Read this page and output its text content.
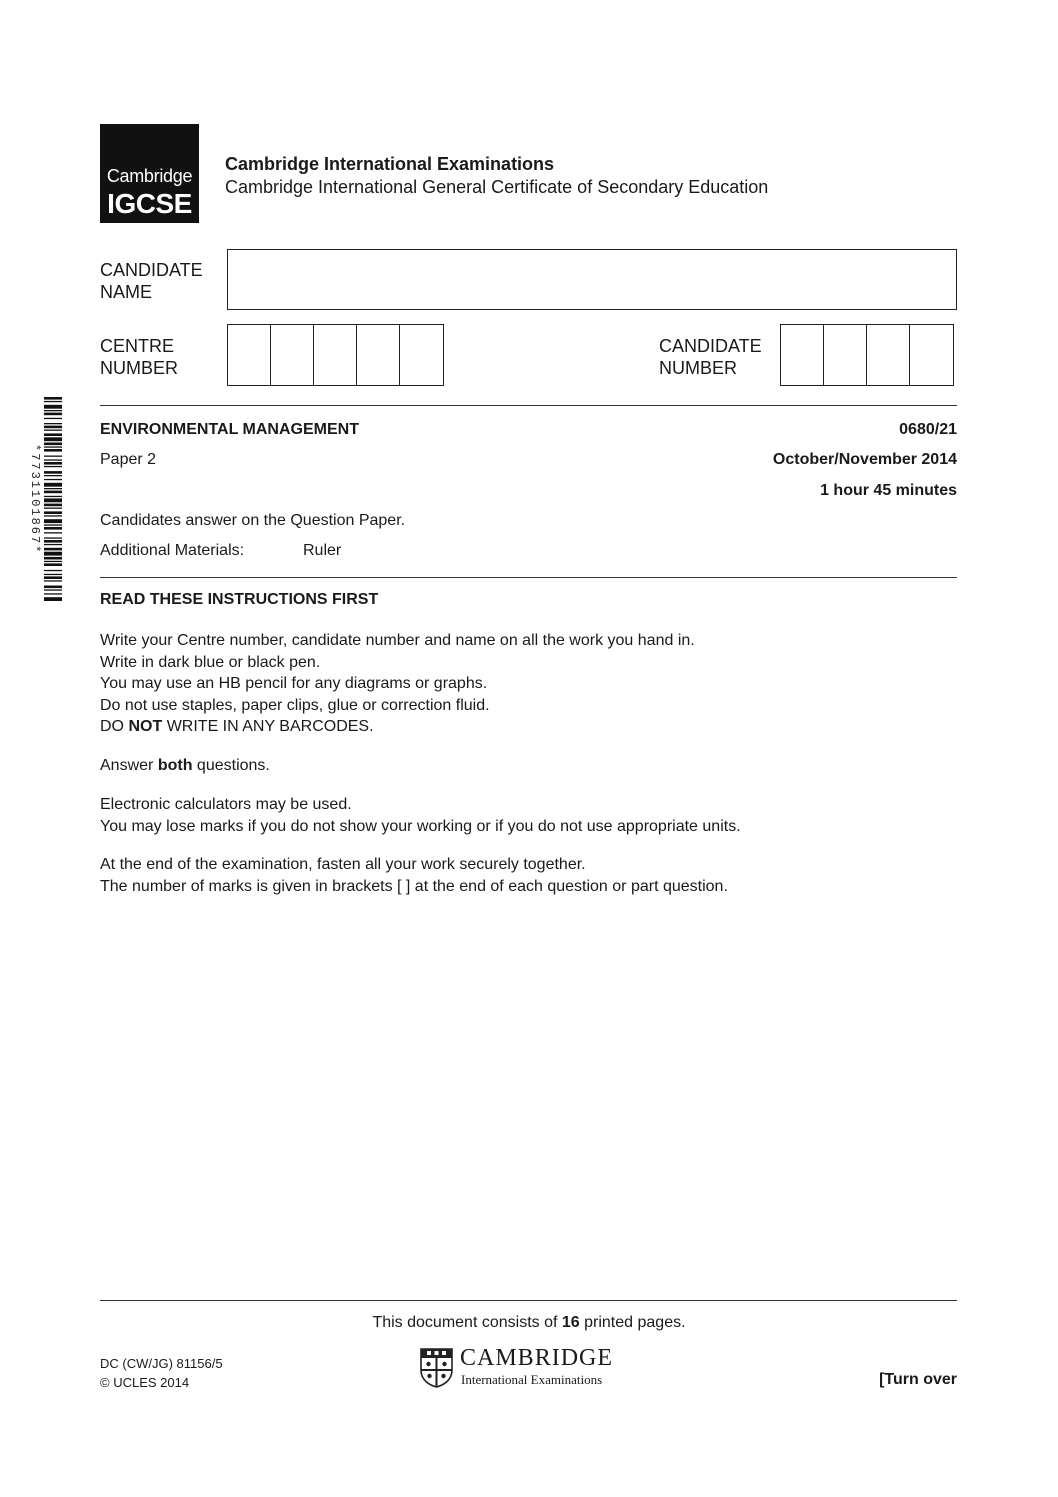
Cambridge
IGCSE
Cambridge International Examinations
Cambridge International General Certificate of Secondary Education
CANDIDATE NAME
CENTRE NUMBER
CANDIDATE NUMBER
*7731101867*
ENVIRONMENTAL MANAGEMENT	0680/21
Paper 2	October/November 2014
1 hour 45 minutes
Candidates answer on the Question Paper.
Additional Materials:	Ruler
READ THESE INSTRUCTIONS FIRST
Write your Centre number, candidate number and name on all the work you hand in.
Write in dark blue or black pen.
You may use an HB pencil for any diagrams or graphs.
Do not use staples, paper clips, glue or correction fluid.
DO NOT WRITE IN ANY BARCODES.
Answer both questions.
Electronic calculators may be used.
You may lose marks if you do not show your working or if you do not use appropriate units.
At the end of the examination, fasten all your work securely together.
The number of marks is given in brackets [ ] at the end of each question or part question.
This document consists of 16 printed pages.
DC (CW/JG) 81156/5
© UCLES 2014
CAMBRIDGE
International Examinations	[Turn over
